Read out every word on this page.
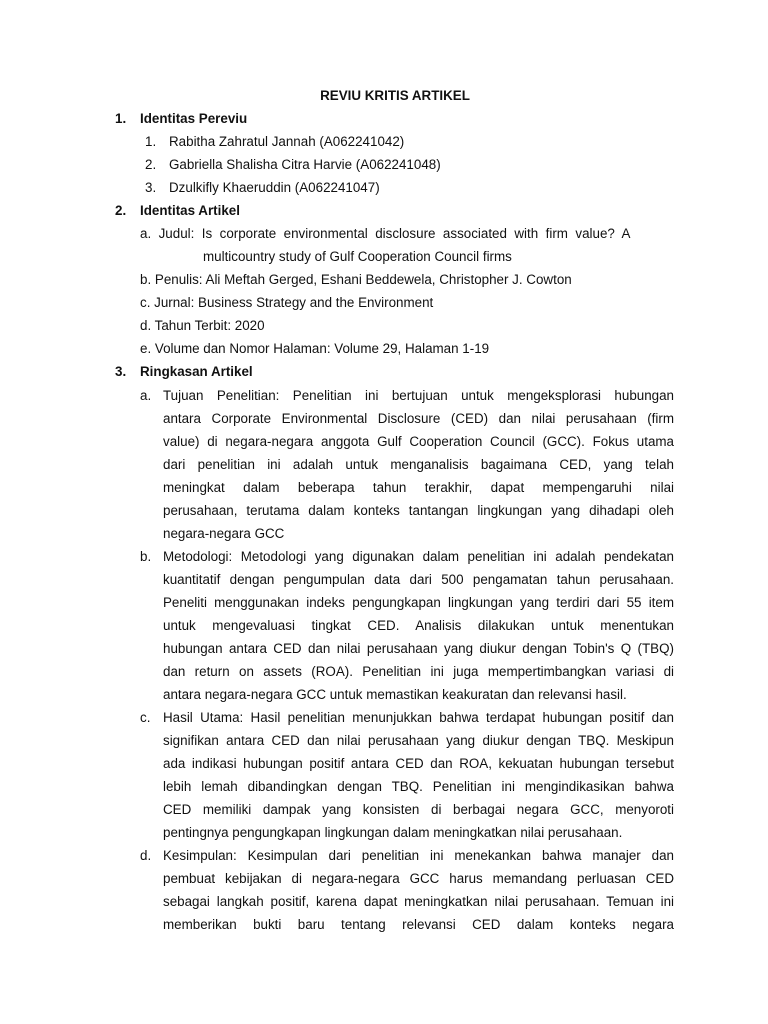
REVIU KRITIS ARTIKEL
1. Identitas Pereviu
1. Rabitha Zahratul Jannah (A062241042)
2. Gabriella Shalisha Citra Harvie (A062241048)
3. Dzulkifly Khaeruddin (A062241047)
2. Identitas Artikel
a.  Judul:  Is  corporate  environmental  disclosure  associated  with  firm  value?  A
multicountry study of Gulf Cooperation Council firms
b. Penulis: Ali Meftah Gerged, Eshani Beddewela, Christopher J. Cowton
c. Jurnal: Business Strategy and the Environment
d. Tahun Terbit: 2020
e. Volume dan Nomor Halaman: Volume 29, Halaman 1-19
3. Ringkasan Artikel
a. Tujuan Penelitian: Penelitian ini bertujuan untuk mengeksplorasi hubungan
antara Corporate Environmental Disclosure (CED) dan nilai perusahaan (firm
value) di negara-negara anggota Gulf Cooperation Council (GCC). Fokus utama
dari penelitian ini adalah untuk menganalisis bagaimana CED, yang telah
meningkat dalam beberapa tahun terakhir, dapat mempengaruhi nilai
perusahaan, terutama dalam konteks tantangan lingkungan yang dihadapi oleh
negara-negara GCC
b. Metodologi: Metodologi yang digunakan dalam penelitian ini adalah pendekatan
kuantitatif dengan pengumpulan data dari 500 pengamatan tahun perusahaan.
Peneliti menggunakan indeks pengungkapan lingkungan yang terdiri dari 55 item
untuk mengevaluasi tingkat CED. Analisis dilakukan untuk menentukan
hubungan antara CED dan nilai perusahaan yang diukur dengan Tobin's Q (TBQ)
dan return on assets (ROA). Penelitian ini juga mempertimbangkan variasi di
antara negara-negara GCC untuk memastikan keakuratan dan relevansi hasil.
c. Hasil Utama: Hasil penelitian menunjukkan bahwa terdapat hubungan positif dan
signifikan antara CED dan nilai perusahaan yang diukur dengan TBQ. Meskipun
ada indikasi hubungan positif antara CED dan ROA, kekuatan hubungan tersebut
lebih lemah dibandingkan dengan TBQ. Penelitian ini mengindikasikan bahwa
CED memiliki dampak yang konsisten di berbagai negara GCC, menyoroti
pentingnya pengungkapan lingkungan dalam meningkatkan nilai perusahaan.
d. Kesimpulan: Kesimpulan dari penelitian ini menekankan bahwa manajer dan
pembuat kebijakan di negara-negara GCC harus memandang perluasan CED
sebagai langkah positif, karena dapat meningkatkan nilai perusahaan. Temuan ini
memberikan bukti baru tentang relevansi CED dalam konteks negara
